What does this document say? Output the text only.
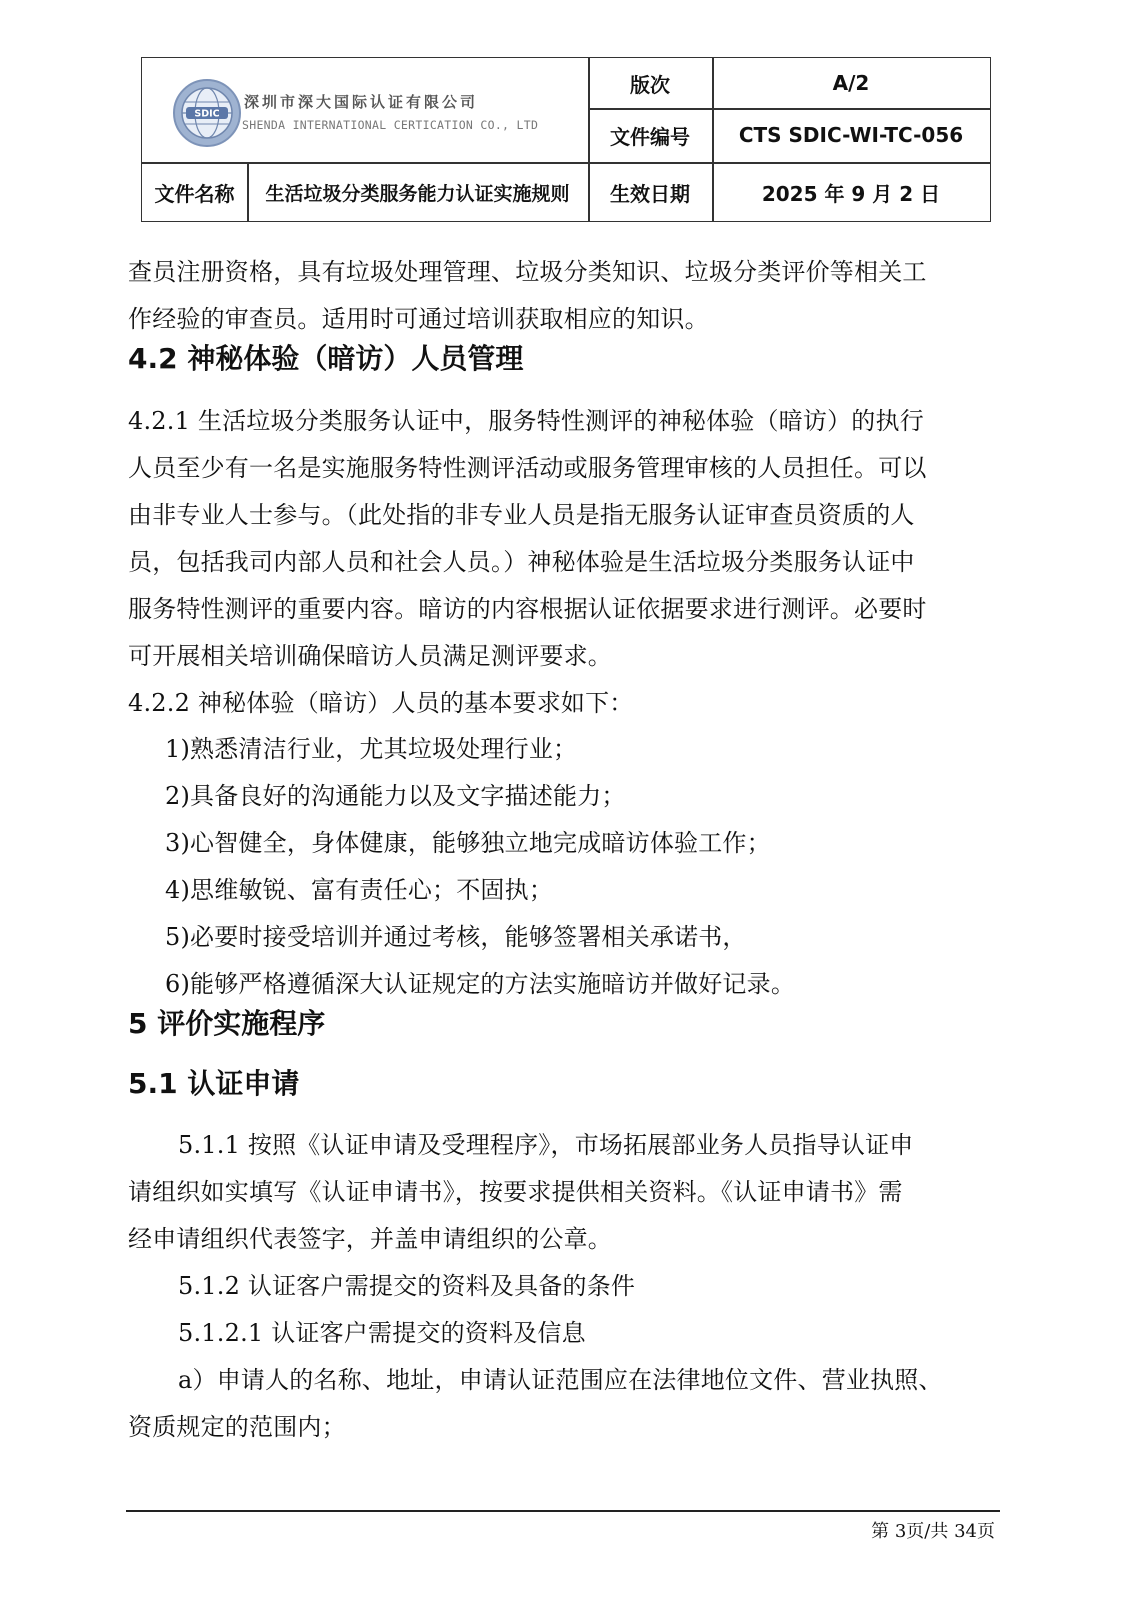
SDIC
深圳市深大国际认证有限公司
SHENDA INTERNATIONAL CERTICATION CO., LTD
版次	A/2
文件编号	CTS SDIC-WI-TC-056
文件名称	生活垃圾分类服务能力认证实施规则	生效日期	2025 年 9 月 2 日
查员注册资格，具有垃圾处理管理、垃圾分类知识、垃圾分类评价等相关工
作经验的审查员。适用时可通过培训获取相应的知识。
4.2 神秘体验（暗访）人员管理
4.2.1 生活垃圾分类服务认证中，服务特性测评的神秘体验（暗访）的执行
人员至少有一名是实施服务特性测评活动或服务管理审核的人员担任。可以
由非专业人士参与。（此处指的非专业人员是指无服务认证审查员资质的人
员，包括我司内部人员和社会人员。）神秘体验是生活垃圾分类服务认证中
服务特性测评的重要内容。暗访的内容根据认证依据要求进行测评。必要时
可开展相关培训确保暗访人员满足测评要求。
4.2.2 神秘体验（暗访）人员的基本要求如下：
1)熟悉清洁行业，尤其垃圾处理行业；
2)具备良好的沟通能力以及文字描述能力；
3)心智健全，身体健康，能够独立地完成暗访体验工作；
4)思维敏锐、富有责任心；不固执；
5)必要时接受培训并通过考核，能够签署相关承诺书，
6)能够严格遵循深大认证规定的方法实施暗访并做好记录。
5 评价实施程序
5.1 认证申请
5.1.1 按照《认证申请及受理程序》，市场拓展部业务人员指导认证申
请组织如实填写《认证申请书》，按要求提供相关资料。《认证申请书》需
经申请组织代表签字，并盖申请组织的公章。
5.1.2 认证客户需提交的资料及具备的条件
5.1.2.1 认证客户需提交的资料及信息
a）申请人的名称、地址，申请认证范围应在法律地位文件、营业执照、
资质规定的范围内；
第 3页/共 34页
